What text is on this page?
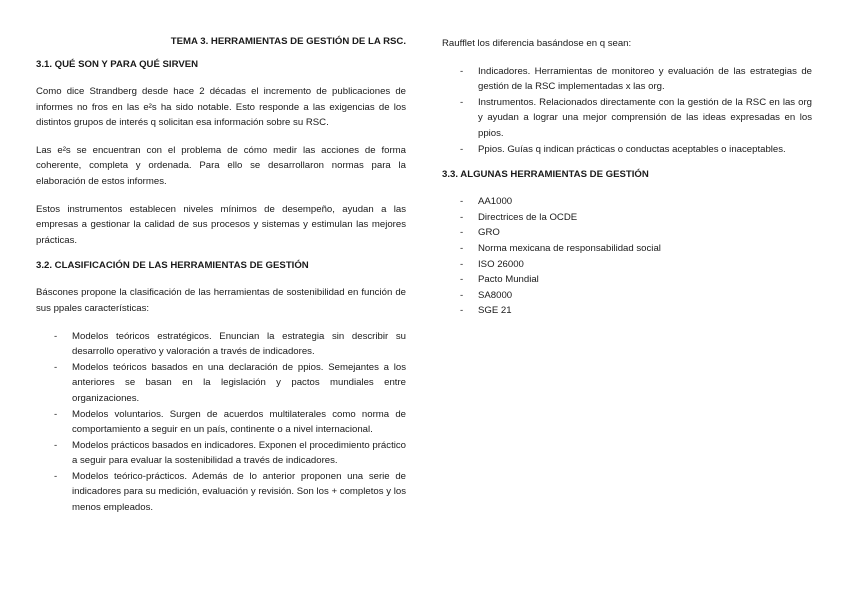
TEMA 3. HERRAMIENTAS DE GESTIÓN DE LA RSC.
3.1. QUÉ SON Y PARA QUÉ SIRVEN

Como dice Strandberg desde hace 2 décadas el incremento de publicaciones de informes no fros en las e²s ha sido notable. Esto responde a las exigencias de los distintos grupos de interés q solicitan esa información sobre su RSC.

Las e²s se encuentran con el problema de cómo medir las acciones de forma coherente, completa y ordenada. Para ello se desarrollaron normas para la elaboración de estos informes.

Estos instrumentos establecen niveles mínimos de desempeño, ayudan a las empresas a gestionar la calidad de sus procesos y sistemas y estimulan las mejores prácticas.

3.2. CLASIFICACIÓN DE LAS HERRAMIENTAS DE GESTIÓN

Báscones propone la clasificación de las herramientas de sostenibilidad en función de sus ppales características:

- Modelos teóricos estratégicos. Enuncian la estrategia sin describir su desarrollo operativo y valoración a través de indicadores.
- Modelos teóricos basados en una declaración de ppios. Semejantes a los anteriores se basan en la legislación y pactos mundiales entre organizaciones.
- Modelos voluntarios. Surgen de acuerdos multilaterales como norma de comportamiento a seguir en un país, continente o a nivel internacional.
- Modelos prácticos basados en indicadores. Exponen el procedimiento práctico a seguir para evaluar la sostenibilidad a través de indicadores.
- Modelos teórico-prácticos. Además de lo anterior proponen una serie de indicadores para su medición, evaluación y revisión. Son los + completos y los menos empleados.

Raufflet los diferencia basándose en q sean:

- Indicadores. Herramientas de monitoreo y evaluación de las estrategias de gestión de la RSC implementadas x las org.
- Instrumentos. Relacionados directamente con la gestión de la RSC en las org y ayudan a lograr una mejor comprensión de las ideas expresadas en los ppios.
- Ppios. Guías q indican prácticas o conductas aceptables o inaceptables.
3.3. ALGUNAS HERRAMIENTAS DE GESTIÓN
- AA1000
- Directrices de la OCDE
- GRO
- Norma mexicana de responsabilidad social
- ISO 26000
- Pacto Mundial
- SA8000
- SGE 21
